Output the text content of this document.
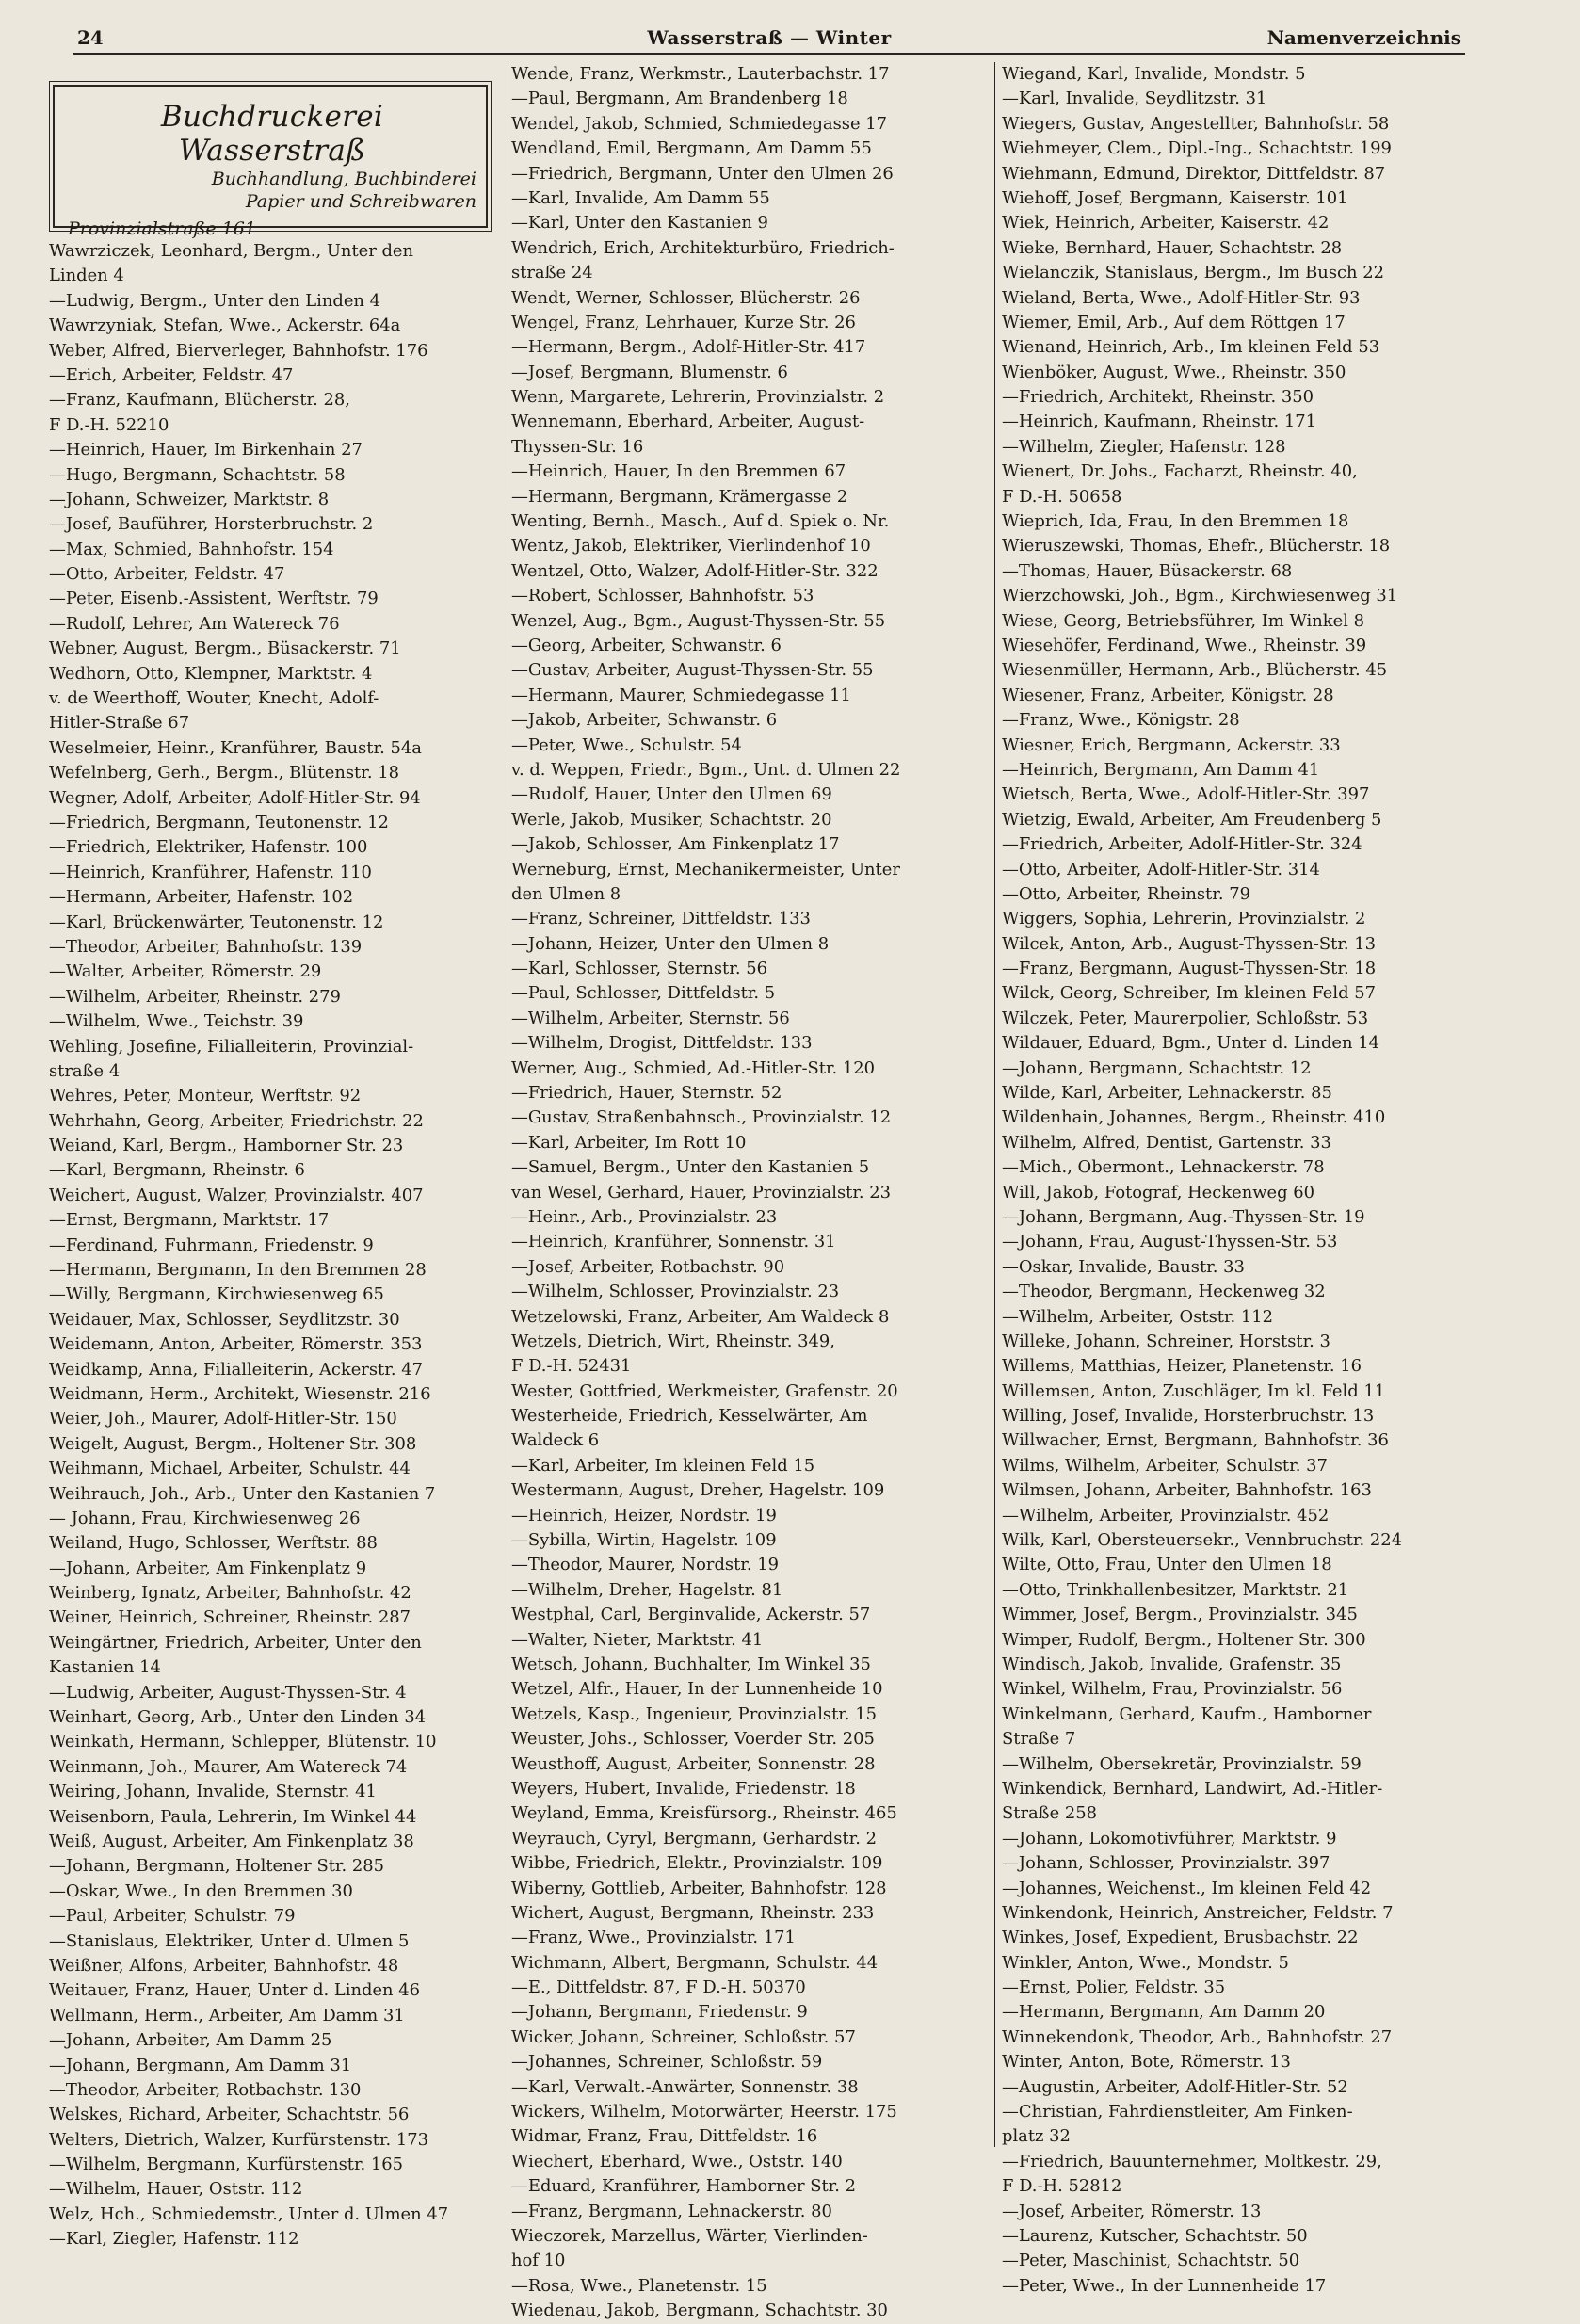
24	Wasserstraß — Winter	Namenverzeichnis
Buchdruckerei Wasserstraß
Buchhandlung, Buchbinderei
Papier und Schreibwaren
Provinzialstraße 161
Wawrziczek, Leonhard, Bergm., Unter den
Linden 4
—Ludwig, Bergm., Unter den Linden 4
Wawrzyniak, Stefan, Wwe., Ackerstr. 64a
Weber, Alfred, Bierverleger, Bahnhofstr. 176
—Erich, Arbeiter, Feldstr. 47
—Franz, Kaufmann, Blücherstr. 28,
F D.-H. 52210
—Heinrich, Hauer, Im Birkenhain 27
—Hugo, Bergmann, Schachtstr. 58
—Johann, Schweizer, Marktstr. 8
—Josef, Bauführer, Horsterbruchstr. 2
—Max, Schmied, Bahnhofstr. 154
—Otto, Arbeiter, Feldstr. 47
—Peter, Eisenb.-Assistent, Werftstr. 79
—Rudolf, Lehrer, Am Watereck 76
Webner, August, Bergm., Büsackerstr. 71
Wedhorn, Otto, Klempner, Marktstr. 4
v. de Weerthoff, Wouter, Knecht, Adolf-
Hitler-Straße 67
Weselmeier, Heinr., Kranführer, Baustr. 54a
Wefelnberg, Gerh., Bergm., Blütenstr. 18
Wegner, Adolf, Arbeiter, Adolf-Hitler-Str. 94
—Friedrich, Bergmann, Teutonenstr. 12
—Friedrich, Elektriker, Hafenstr. 100
—Heinrich, Kranführer, Hafenstr. 110
—Hermann, Arbeiter, Hafenstr. 102
—Karl, Brückenwärter, Teutonenstr. 12
—Theodor, Arbeiter, Bahnhofstr. 139
—Walter, Arbeiter, Römerstr. 29
—Wilhelm, Arbeiter, Rheinstr. 279
—Wilhelm, Wwe., Teichstr. 39
Wehling, Josefine, Filialleiterin, Provinzial-
straße 4
Wehres, Peter, Monteur, Werftstr. 92
Wehrhahn, Georg, Arbeiter, Friedrichstr. 22
Weiand, Karl, Bergm., Hamborner Str. 23
—Karl, Bergmann, Rheinstr. 6
Weichert, August, Walzer, Provinzialstr. 407
—Ernst, Bergmann, Marktstr. 17
—Ferdinand, Fuhrmann, Friedenstr. 9
—Hermann, Bergmann, In den Bremmen 28
—Willy, Bergmann, Kirchwiesenweg 65
Weidauer, Max, Schlosser, Seydlitzstr. 30
Weidemann, Anton, Arbeiter, Römerstr. 353
Weidkamp, Anna, Filialleiterin, Ackerstr. 47
Weidmann, Herm., Architekt, Wiesenstr. 216
Weier, Joh., Maurer, Adolf-Hitler-Str. 150
Weigelt, August, Bergm., Holtener Str. 308
Weihmann, Michael, Arbeiter, Schulstr. 44
Weihrauch, Joh., Arb., Unter den Kastanien 7
— Johann, Frau, Kirchwiesenweg 26
Weiland, Hugo, Schlosser, Werftstr. 88
—Johann, Arbeiter, Am Finkenplatz 9
Weinberg, Ignatz, Arbeiter, Bahnhofstr. 42
Weiner, Heinrich, Schreiner, Rheinstr. 287
Weingärtner, Friedrich, Arbeiter, Unter den
Kastanien 14
—Ludwig, Arbeiter, August-Thyssen-Str. 4
Weinhart, Georg, Arb., Unter den Linden 34
Weinkath, Hermann, Schlepper, Blütenstr. 10
Weinmann, Joh., Maurer, Am Watereck 74
Weiring, Johann, Invalide, Sternstr. 41
Weisenborn, Paula, Lehrerin, Im Winkel 44
Weiß, August, Arbeiter, Am Finkenplatz 38
—Johann, Bergmann, Holtener Str. 285
—Oskar, Wwe., In den Bremmen 30
—Paul, Arbeiter, Schulstr. 79
—Stanislaus, Elektriker, Unter d. Ulmen 5
Weißner, Alfons, Arbeiter, Bahnhofstr. 48
Weitauer, Franz, Hauer, Unter d. Linden 46
Wellmann, Herm., Arbeiter, Am Damm 31
—Johann, Arbeiter, Am Damm 25
—Johann, Bergmann, Am Damm 31
—Theodor, Arbeiter, Rotbachstr. 130
Welskes, Richard, Arbeiter, Schachtstr. 56
Welters, Dietrich, Walzer, Kurfürstenstr. 173
—Wilhelm, Bergmann, Kurfürstenstr. 165
—Wilhelm, Hauer, Oststr. 112
Welz, Hch., Schmiedemstr., Unter d. Ulmen 47
—Karl, Ziegler, Hafenstr. 112
Wende, Franz, Werkmstr., Lauterbachstr. 17
—Paul, Bergmann, Am Brandenberg 18
Wendel, Jakob, Schmied, Schmiedegasse 17
Wendland, Emil, Bergmann, Am Damm 55
—Friedrich, Bergmann, Unter den Ulmen 26
—Karl, Invalide, Am Damm 55
—Karl, Unter den Kastanien 9
Wendrich, Erich, Architekturbüro, Friedrich-
straße 24
Wendt, Werner, Schlosser, Blücherstr. 26
Wengel, Franz, Lehrhauer, Kurze Str. 26
—Hermann, Bergm., Adolf-Hitler-Str. 417
—Josef, Bergmann, Blumenstr. 6
Wenn, Margarete, Lehrerin, Provinzialstr. 2
Wennemann, Eberhard, Arbeiter, August-
Thyssen-Str. 16
—Heinrich, Hauer, In den Bremmen 67
—Hermann, Bergmann, Krämergasse 2
Wenting, Bernh., Masch., Auf d. Spiek o. Nr.
Wentz, Jakob, Elektriker, Vierlindenhof 10
Wentzel, Otto, Walzer, Adolf-Hitler-Str. 322
—Robert, Schlosser, Bahnhofstr. 53
Wenzel, Aug., Bgm., August-Thyssen-Str. 55
—Georg, Arbeiter, Schwanstr. 6
—Gustav, Arbeiter, August-Thyssen-Str. 55
—Hermann, Maurer, Schmiedegasse 11
—Jakob, Arbeiter, Schwanstr. 6
—Peter, Wwe., Schulstr. 54
v. d. Weppen, Friedr., Bgm., Unt. d. Ulmen 22
—Rudolf, Hauer, Unter den Ulmen 69
Werle, Jakob, Musiker, Schachtstr. 20
—Jakob, Schlosser, Am Finkenplatz 17
Werneburg, Ernst, Mechanikermeister, Unter
den Ulmen 8
—Franz, Schreiner, Dittfeldstr. 133
—Johann, Heizer, Unter den Ulmen 8
—Karl, Schlosser, Sternstr. 56
—Paul, Schlosser, Dittfeldstr. 5
—Wilhelm, Arbeiter, Sternstr. 56
—Wilhelm, Drogist, Dittfeldstr. 133
Werner, Aug., Schmied, Ad.-Hitler-Str. 120
—Friedrich, Hauer, Sternstr. 52
—Gustav, Straßenbahnsch., Provinzialstr. 12
—Karl, Arbeiter, Im Rott 10
—Samuel, Bergm., Unter den Kastanien 5
van Wesel, Gerhard, Hauer, Provinzialstr. 23
—Heinr., Arb., Provinzialstr. 23
—Heinrich, Kranführer, Sonnenstr. 31
—Josef, Arbeiter, Rotbachstr. 90
—Wilhelm, Schlosser, Provinzialstr. 23
Wetzelowski, Franz, Arbeiter, Am Waldeck 8
Wetzels, Dietrich, Wirt, Rheinstr. 349,
F D.-H. 52431
Wester, Gottfried, Werkmeister, Grafenstr. 20
Westerheide, Friedrich, Kesselwärter, Am
Waldeck 6
—Karl, Arbeiter, Im kleinen Feld 15
Westermann, August, Dreher, Hagelstr. 109
—Heinrich, Heizer, Nordstr. 19
—Sybilla, Wirtin, Hagelstr. 109
—Theodor, Maurer, Nordstr. 19
—Wilhelm, Dreher, Hagelstr. 81
Westphal, Carl, Berginvalide, Ackerstr. 57
—Walter, Nieter, Marktstr. 41
Wetsch, Johann, Buchhalter, Im Winkel 35
Wetzel, Alfr., Hauer, In der Lunnenheide 10
Wetzels, Kasp., Ingenieur, Provinzialstr. 15
Weuster, Johs., Schlosser, Voerder Str. 205
Weusthoff, August, Arbeiter, Sonnenstr. 28
Weyers, Hubert, Invalide, Friedenstr. 18
Weyland, Emma, Kreisfürsorg., Rheinstr. 465
Weyrauch, Cyryl, Bergmann, Gerhardstr. 2
Wibbe, Friedrich, Elektr., Provinzialstr. 109
Wiberny, Gottlieb, Arbeiter, Bahnhofstr. 128
Wichert, August, Bergmann, Rheinstr. 233
—Franz, Wwe., Provinzialstr. 171
Wichmann, Albert, Bergmann, Schulstr. 44
—E., Dittfeldstr. 87, F D.-H. 50370
—Johann, Bergmann, Friedenstr. 9
Wicker, Johann, Schreiner, Schloßstr. 57
—Johannes, Schreiner, Schloßstr. 59
—Karl, Verwalt.-Anwärter, Sonnenstr. 38
Wickers, Wilhelm, Motorwärter, Heerstr. 175
Widmar, Franz, Frau, Dittfeldstr. 16
Wiechert, Eberhard, Wwe., Oststr. 140
—Eduard, Kranführer, Hamborner Str. 2
—Franz, Bergmann, Lehnackerstr. 80
Wieczorek, Marzellus, Wärter, Vierlinden-
hof 10
—Rosa, Wwe., Planetenstr. 15
Wiedenau, Jakob, Bergmann, Schachtstr. 30
Wiegand, Karl, Invalide, Mondstr. 5
—Karl, Invalide, Seydlitzstr. 31
Wiegers, Gustav, Angestellter, Bahnhofstr. 58
Wiehmeyer, Clem., Dipl.-Ing., Schachtstr. 199
Wiehmann, Edmund, Direktor, Dittfeldstr. 87
Wiehoff, Josef, Bergmann, Kaiserstr. 101
Wiek, Heinrich, Arbeiter, Kaiserstr. 42
Wieke, Bernhard, Hauer, Schachtstr. 28
Wielanczik, Stanislaus, Bergm., Im Busch 22
Wieland, Berta, Wwe., Adolf-Hitler-Str. 93
Wiemer, Emil, Arb., Auf dem Röttgen 17
Wienand, Heinrich, Arb., Im kleinen Feld 53
Wienböker, August, Wwe., Rheinstr. 350
—Friedrich, Architekt, Rheinstr. 350
—Heinrich, Kaufmann, Rheinstr. 171
—Wilhelm, Ziegler, Hafenstr. 128
Wienert, Dr. Johs., Facharzt, Rheinstr. 40,
F D.-H. 50658
Wieprich, Ida, Frau, In den Bremmen 18
Wieruszewski, Thomas, Ehefr., Blücherstr. 18
—Thomas, Hauer, Büsackerstr. 68
Wierzchowski, Joh., Bgm., Kirchwiesenweg 31
Wiese, Georg, Betriebsführer, Im Winkel 8
Wiesehöfer, Ferdinand, Wwe., Rheinstr. 39
Wiesenmüller, Hermann, Arb., Blücherstr. 45
Wiesener, Franz, Arbeiter, Königstr. 28
—Franz, Wwe., Königstr. 28
Wiesner, Erich, Bergmann, Ackerstr. 33
—Heinrich, Bergmann, Am Damm 41
Wietsch, Berta, Wwe., Adolf-Hitler-Str. 397
Wietzig, Ewald, Arbeiter, Am Freudenberg 5
—Friedrich, Arbeiter, Adolf-Hitler-Str. 324
—Otto, Arbeiter, Adolf-Hitler-Str. 314
—Otto, Arbeiter, Rheinstr. 79
Wiggers, Sophia, Lehrerin, Provinzialstr. 2
Wilcek, Anton, Arb., August-Thyssen-Str. 13
—Franz, Bergmann, August-Thyssen-Str. 18
Wilck, Georg, Schreiber, Im kleinen Feld 57
Wilczek, Peter, Maurerpolier, Schloßstr. 53
Wildauer, Eduard, Bgm., Unter d. Linden 14
—Johann, Bergmann, Schachtstr. 12
Wilde, Karl, Arbeiter, Lehnackerstr. 85
Wildenhain, Johannes, Bergm., Rheinstr. 410
Wilhelm, Alfred, Dentist, Gartenstr. 33
—Mich., Obermont., Lehnackerstr. 78
Will, Jakob, Fotograf, Heckenweg 60
—Johann, Bergmann, Aug.-Thyssen-Str. 19
—Johann, Frau, August-Thyssen-Str. 53
—Oskar, Invalide, Baustr. 33
—Theodor, Bergmann, Heckenweg 32
—Wilhelm, Arbeiter, Oststr. 112
Willeke, Johann, Schreiner, Horststr. 3
Willems, Matthias, Heizer, Planetenstr. 16
Willemsen, Anton, Zuschläger, Im kl. Feld 11
Willing, Josef, Invalide, Horsterbruchstr. 13
Willwacher, Ernst, Bergmann, Bahnhofstr. 36
Wilms, Wilhelm, Arbeiter, Schulstr. 37
Wilmsen, Johann, Arbeiter, Bahnhofstr. 163
—Wilhelm, Arbeiter, Provinzialstr. 452
Wilk, Karl, Obersteuersekr., Vennbruchstr. 224
Wilte, Otto, Frau, Unter den Ulmen 18
—Otto, Trinkhallenbesitzer, Marktstr. 21
Wimmer, Josef, Bergm., Provinzialstr. 345
Wimper, Rudolf, Bergm., Holtener Str. 300
Windisch, Jakob, Invalide, Grafenstr. 35
Winkel, Wilhelm, Frau, Provinzialstr. 56
Winkelmann, Gerhard, Kaufm., Hamborner
Straße 7
—Wilhelm, Obersekretär, Provinzialstr. 59
Winkendick, Bernhard, Landwirt, Ad.-Hitler-
Straße 258
—Johann, Lokomotivführer, Marktstr. 9
—Johann, Schlosser, Provinzialstr. 397
—Johannes, Weichenst., Im kleinen Feld 42
Winkendonk, Heinrich, Anstreicher, Feldstr. 7
Winkes, Josef, Expedient, Brusbachstr. 22
Winkler, Anton, Wwe., Mondstr. 5
—Ernst, Polier, Feldstr. 35
—Hermann, Bergmann, Am Damm 20
Winnekendonk, Theodor, Arb., Bahnhofstr. 27
Winter, Anton, Bote, Römerstr. 13
—Augustin, Arbeiter, Adolf-Hitler-Str. 52
—Christian, Fahrdienstleiter, Am Finken-
platz 32
—Friedrich, Bauunternehmer, Moltkestr. 29,
F D.-H. 52812
—Josef, Arbeiter, Römerstr. 13
—Laurenz, Kutscher, Schachtstr. 50
—Peter, Maschinist, Schachtstr. 50
—Peter, Wwe., In der Lunnenheide 17
